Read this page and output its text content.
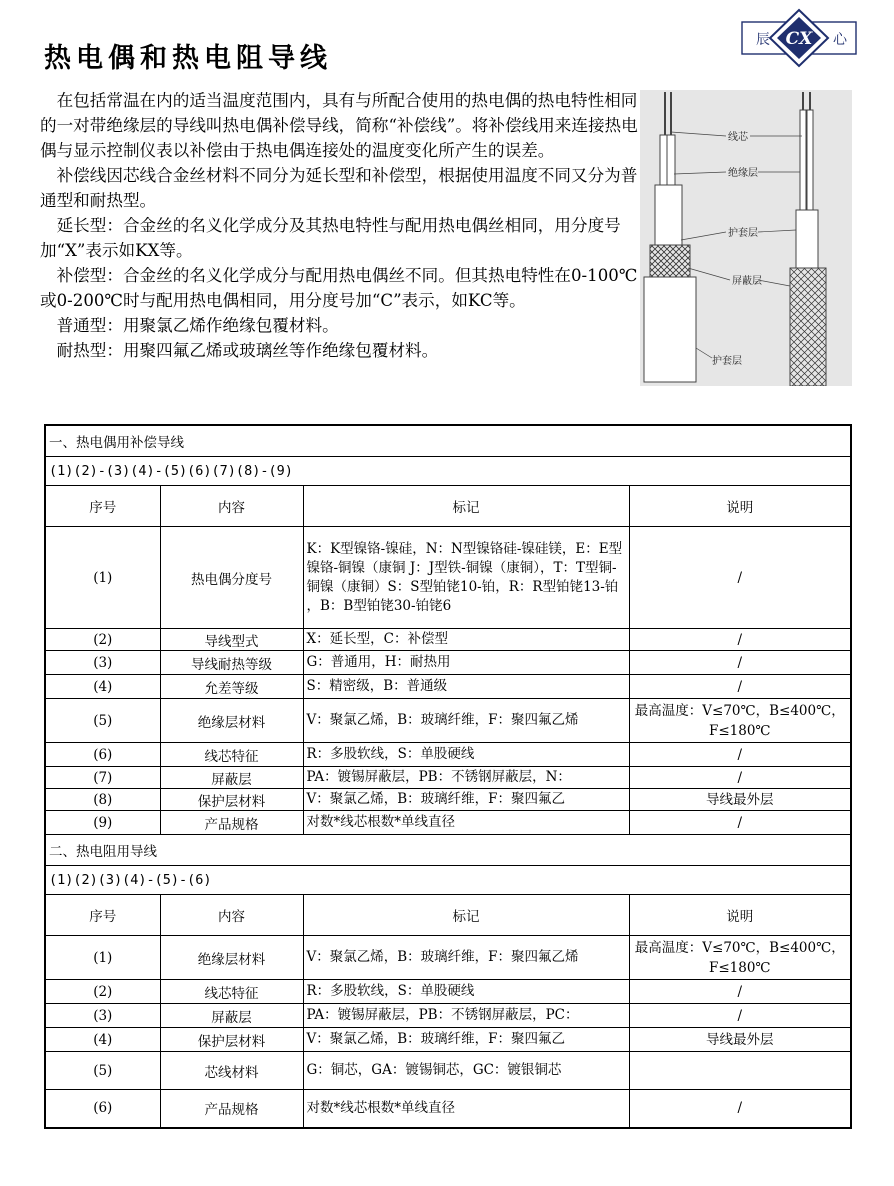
热电偶和热电阻导线
CX
辰	心

在包括常温在内的适当温度范围内，具有与所配合使用的热电偶的热电特性相同的一对带绝缘层的导线叫热电偶补偿导线，简称“补偿线”。将补偿线用来连接热电偶与显示控制仪表以补偿由于热电偶连接处的温度变化所产生的误差。

补偿线因芯线合金丝材料不同分为延长型和补偿型，根据使用温度不同又分为普通型和耐热型。

延长型：合金丝的名义化学成分及其热电特性与配用热电偶丝相同，用分度号加“X”表示如KX等。

补偿型：合金丝的名义化学成分与配用热电偶丝不同。但其热电特性在0-100℃或0-200℃时与配用热电偶相同，用分度号加“C”表示，如KC等。

普通型：用聚氯乙烯作绝缘包覆材料。

耐热型：用聚四氟乙烯或玻璃丝等作绝缘包覆材料。

线芯
绝缘层
护套层
屏蔽层
护套层
一、热电偶用补偿导线			
(1)(2)-(3)(4)-(5)(6)(7)(8)-(9)			
序号	内容	标记	说明
(1)	热电偶分度号	K：K型镍铬-镍硅，N：N型镍铬硅-镍硅镁，E：E型镍铬-铜镍（康铜 J：J型铁-铜镍（康铜），T：T型铜-铜镍（康铜）S：S型铂铑10-铂，R：R型铂铑13-铂 ，B：B型铂铑30-铂铑6	/
(2)	导线型式	X：延长型，C：补偿型	/
(3)	导线耐热等级	G：普通用，H：耐热用	/
(4)	允差等级	S：精密级，B：普通级	/
(5)	绝缘层材料	V：聚氯乙烯，B：玻璃纤维，F：聚四氟乙烯	最高温度：V≤70℃，B≤400℃，F≤180℃
(6)	线芯特征	R：多股软线，S：单股硬线	/
(7)	屏蔽层	PA：镀锡屏蔽层，PB：不锈钢屏蔽层，N：	/
(8)	保护层材料	V：聚氯乙烯，B：玻璃纤维，F：聚四氟乙	导线最外层
(9)	产品规格	对数*线芯根数*单线直径	/
二、热电阻用导线			
(1)(2)(3)(4)-(5)-(6)			
序号	内容	标记	说明
(1)	绝缘层材料	V：聚氯乙烯，B：玻璃纤维，F：聚四氟乙烯	最高温度：V≤70℃，B≤400℃，F≤180℃
(2)	线芯特征	R：多股软线，S：单股硬线	/
(3)	屏蔽层	PA：镀锡屏蔽层，PB：不锈钢屏蔽层，PC：	/
(4)	保护层材料	V：聚氯乙烯，B：玻璃纤维，F：聚四氟乙	导线最外层
(5)	芯线材料	G：铜芯，GA：镀锡铜芯，GC：镀银铜芯	
(6)	产品规格	对数*线芯根数*单线直径	/
